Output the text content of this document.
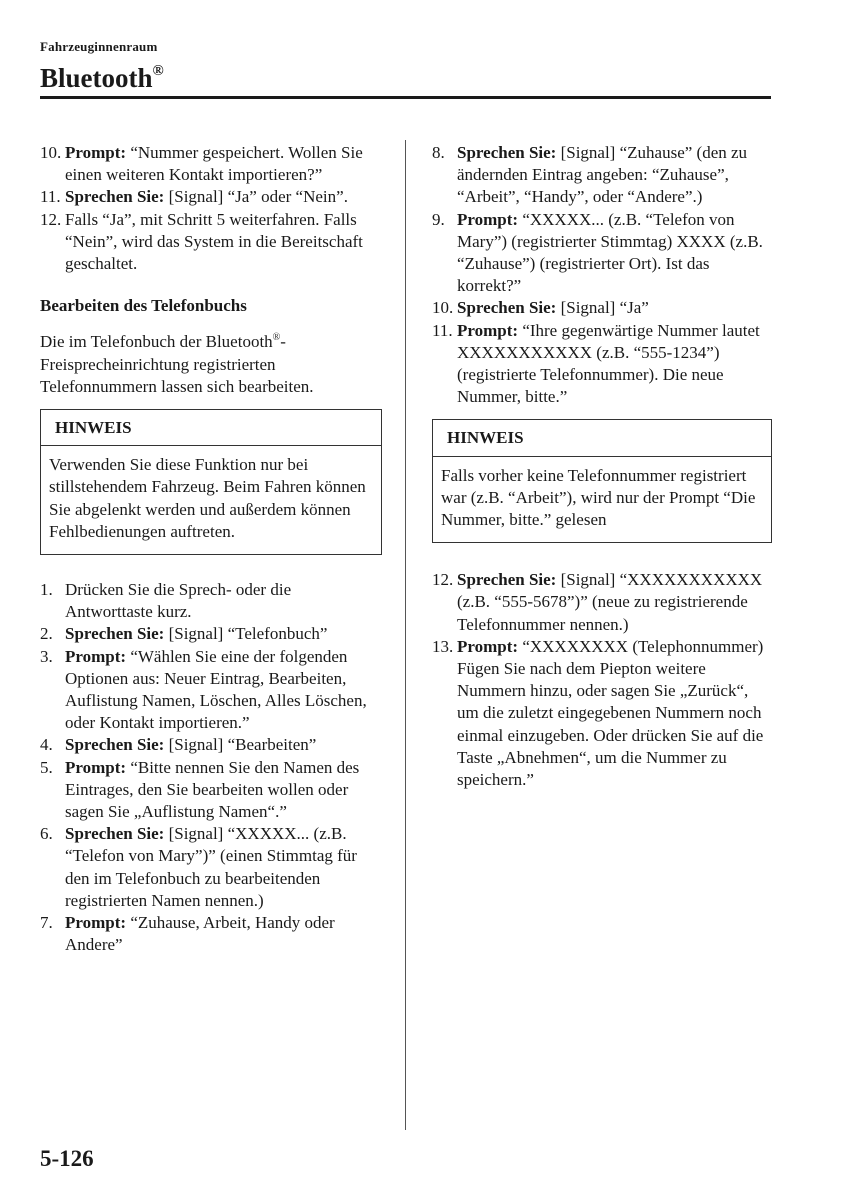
Fahrzeuginnenraum
Bluetooth®
10. Prompt: “Nummer gespeichert. Wollen Sie einen weiteren Kontakt importieren?”
11. Sprechen Sie: [Signal] “Ja” oder “Nein”.
12. Falls “Ja”, mit Schritt 5 weiterfahren. Falls “Nein”, wird das System in die Bereitschaft geschaltet.

Bearbeiten des Telefonbuchs

Die im Telefonbuch der Bluetooth®-Freisprecheinrichtung registrierten Telefonnummern lassen sich bearbeiten.

HINWEIS
Verwenden Sie diese Funktion nur bei stillstehendem Fahrzeug. Beim Fahren können Sie abgelenkt werden und außerdem können Fehlbedienungen auftreten.
1. Drücken Sie die Sprech- oder die Antworttaste kurz.
2. Sprechen Sie: [Signal] “Telefonbuch”
3. Prompt: “Wählen Sie eine der folgenden Optionen aus: Neuer Eintrag, Bearbeiten, Auflistung Namen, Löschen, Alles Löschen, oder Kontakt importieren.”
4. Sprechen Sie: [Signal] “Bearbeiten”
5. Prompt: “Bitte nennen Sie den Namen des Eintrages, den Sie bearbeiten wollen oder sagen Sie „Auflistung Namen“.”
6. Sprechen Sie: [Signal] “XXXXX... (z.B. “Telefon von Mary”)” (einen Stimmtag für den im Telefonbuch zu bearbeitenden registrierten Namen nennen.)
7. Prompt: “Zuhause, Arbeit, Handy oder Andere”
8. Sprechen Sie: [Signal] “Zuhause” (den zu ändernden Eintrag angeben: “Zuhause”, “Arbeit”, “Handy”, oder “Andere”.)
9. Prompt: “XXXXX... (z.B. “Telefon von Mary”) (registrierter Stimmtag) XXXX (z.B. “Zuhause”) (registrierter Ort). Ist das korrekt?”
10. Sprechen Sie: [Signal] “Ja”
11. Prompt: “Ihre gegenwärtige Nummer lautet XXXXXXXXXXX (z.B. “555-1234”) (registrierte Telefonnummer). Die neue Nummer, bitte.”
HINWEIS
Falls vorher keine Telefonnummer registriert war (z.B. “Arbeit”), wird nur der Prompt “Die Nummer, bitte.” gelesen
12. Sprechen Sie: [Signal] “XXXXXXXXXXX (z.B. “555-5678”)” (neue zu registrierende Telefonnummer nennen.)
13. Prompt: “XXXXXXXX (Telephonnummer) Fügen Sie nach dem Piepton weitere Nummern hinzu, oder sagen Sie „Zurück“, um die zuletzt eingegebenen Nummern noch einmal einzugeben. Oder drücken Sie auf die Taste „Abnehmen“, um die Nummer zu speichern.”
5-126
